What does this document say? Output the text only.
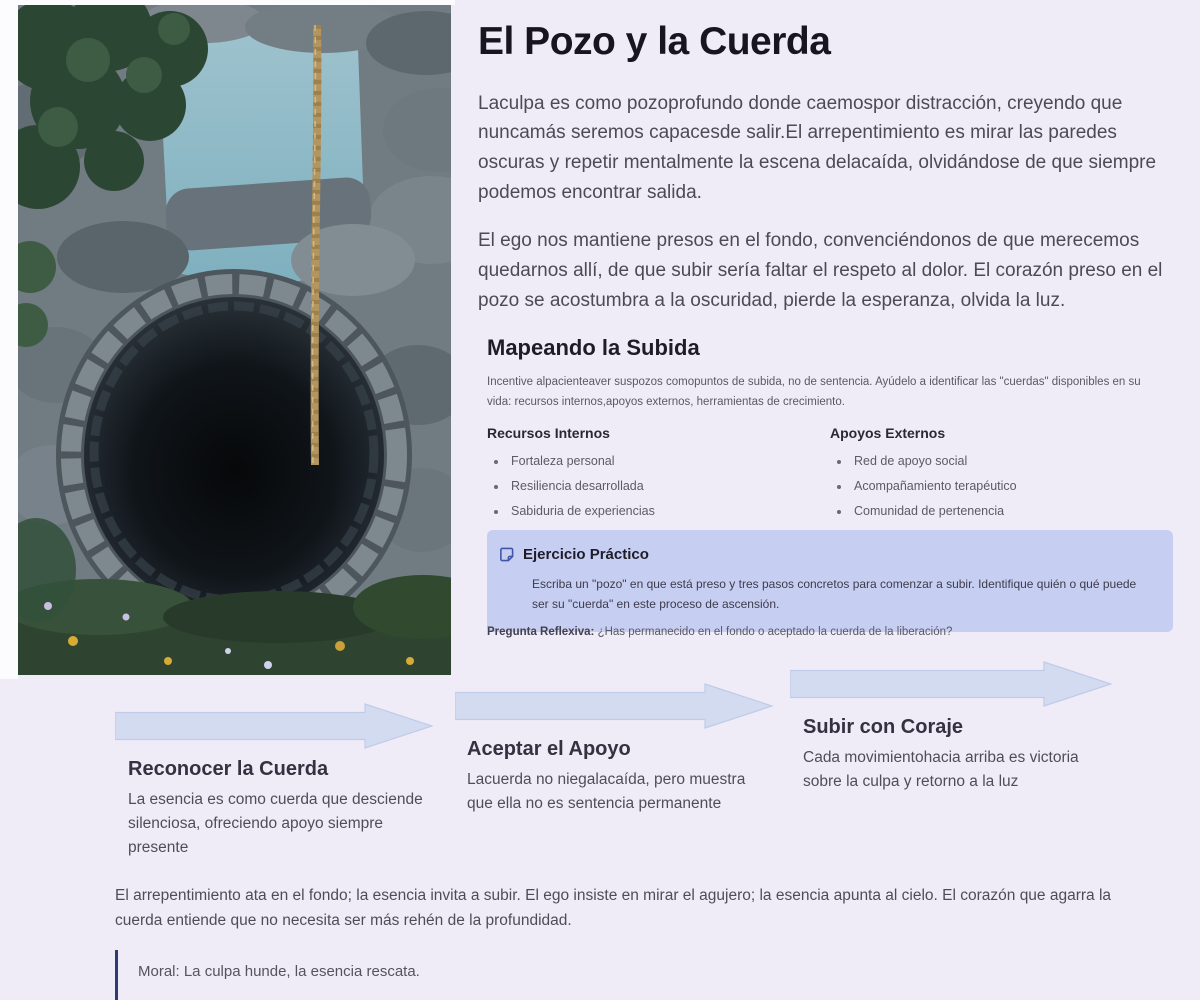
El Pozo y la Cuerda

Laculpa es como pozoprofundo donde caemospor distracción, creyendo que nuncamás seremos capacesde salir.El arrepentimiento es mirar las paredes oscuras y repetir mentalmente la escena delacaída, olvidándose de que siempre podemos encontrar salida.

El ego nos mantiene presos en el fondo, convenciéndonos de que merecemos quedarnos allí, de que subir sería faltar el respeto al dolor. El corazón preso en el pozo se acostumbra a la oscuridad, pierde la esperanza, olvida la luz.

Mapeando la Subida
Incentive alpacienteaver suspozos comopuntos de subida, no de sentencia. Ayúdelo a identificar las "cuerdas" disponibles en su vida: recursos internos,apoyos externos, herramientas de crecimiento.
Recursos Internos
Fortaleza personal
Resiliencia desarrollada
Sabiduria de experiencias
Apoyos Externos
Red de apoyo social
Acompañamiento terapéutico
Comunidad de pertenencia
Ejercicio Práctico

Escriba un "pozo" en que está preso y tres pasos concretos para comenzar a subir. Identifique quién o qué puede ser su "cuerda" en este proceso de ascensión.

Pregunta Reflexiva: ¿Has permanecido en el fondo o aceptado la cuerda de la liberación?
Reconocer la Cuerda

La esencia es como cuerda que desciende silenciosa, ofreciendo apoyo siempre presente

Aceptar el Apoyo

Lacuerda no niegalacaída, pero muestra que ella no es sentencia permanente

Subir con Coraje

Cada movimientohacia arriba es victoria sobre la culpa y retorno a la luz

El arrepentimiento ata en el fondo; la esencia invita a subir. El ego insiste en mirar el agujero; la esencia apunta al cielo. El corazón que agarra la cuerda entiende que no necesita ser más rehén de la profundidad.
Moral: La culpa hunde, la esencia rescata.
